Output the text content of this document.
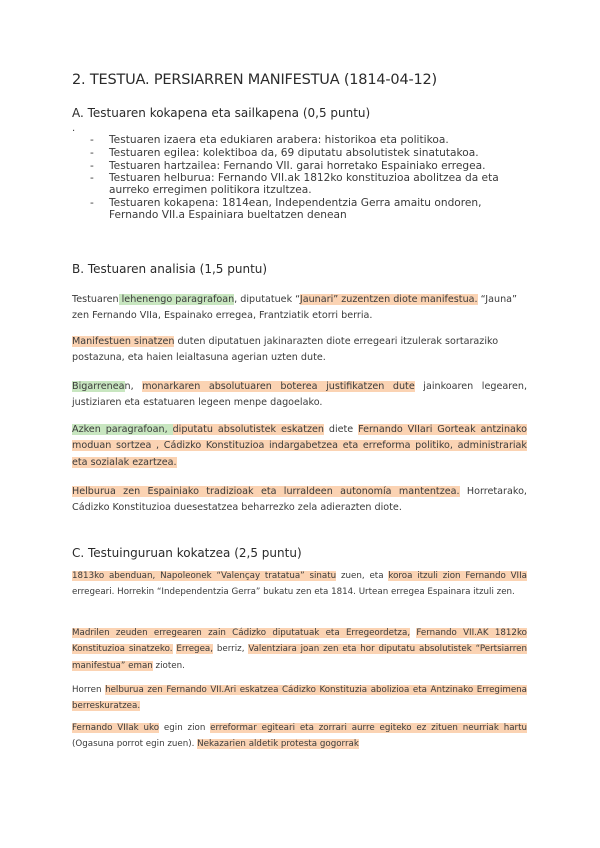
2. TESTUA. PERSIARREN MANIFESTUA (1814-04-12)
A. Testuaren kokapena eta sailkapena (0,5 puntu)
.
- Testuaren izaera eta edukiaren arabera: historikoa eta politikoa.
- Testuaren egilea: kolektiboa da, 69 diputatu absolutistek sinatutakoa.
- Testuaren hartzailea: Fernando VII. garai horretako Espainiako erregea.
- Testuaren helburua: Fernando VII.ak 1812ko konstituzioa abolitzea da eta aurreko erregimen politikora itzultzea.
- Testuaren kokapena: 1814ean, Independentzia Gerra amaitu ondoren, Fernando VII.a Espainiara bueltatzen denean
B. Testuaren analisia (1,5 puntu)
Testuaren lehenengo paragrafoan, diputatuek “Jaunari” zuzentzen diote manifestua. “Jauna” zen Fernando VIIa, Espainako erregea, Frantziatik etorri berria.
Manifestuen sinatzen duten diputatuen jakinarazten diote erregeari itzulerak sortaraziko postazuna, eta haien leialtasuna agerian uzten dute.
Bigarrenean, monarkaren absolutuaren boterea justifikatzen dute jainkoaren legearen, justiziaren eta estatuaren legeen menpe dagoelako.
Azken paragrafoan, diputatu absolutistek eskatzen diete Fernando VIIari Gorteak antzinako moduan sortzea , Cádizko Konstituzioa indargabetzea eta erreforma politiko, administrariak eta sozialak ezartzea.
Helburua zen Espainiako tradizioak eta lurraldeen autonomía mantentzea. Horretarako, Cádizko Konstituzioa duesestatzea beharrezko zela adierazten diote.
C. Testuinguruan kokatzea (2,5 puntu)
1813ko abenduan, Napoleonek “Valençay tratatua” sinatu zuen, eta koroa itzuli zion Fernando VIIa erregeari. Horrekin “Independentzia Gerra” bukatu zen eta 1814. Urtean erregea Espainara itzuli zen.
Madrilen zeuden erregearen zain Cádizko diputatuak eta Erregeordetza, Fernando VII.AK 1812ko Konstituzioa sinatzeko. Erregea, berriz, Valentziara joan zen eta hor diputatu absolutistek “Pertsiarren manifestua” eman zioten.
Horren helburua zen Fernando VII.Ari eskatzea Cádizko Konstituzia abolizioa eta Antzinako Erregimena berreskuratzea.
Fernando VIIak uko egin zion erreformar egiteari eta zorrari aurre egiteko ez zituen neurriak hartu (Ogasuna porrot egin zuen). Nekazarien aldetik protesta gogorrak
